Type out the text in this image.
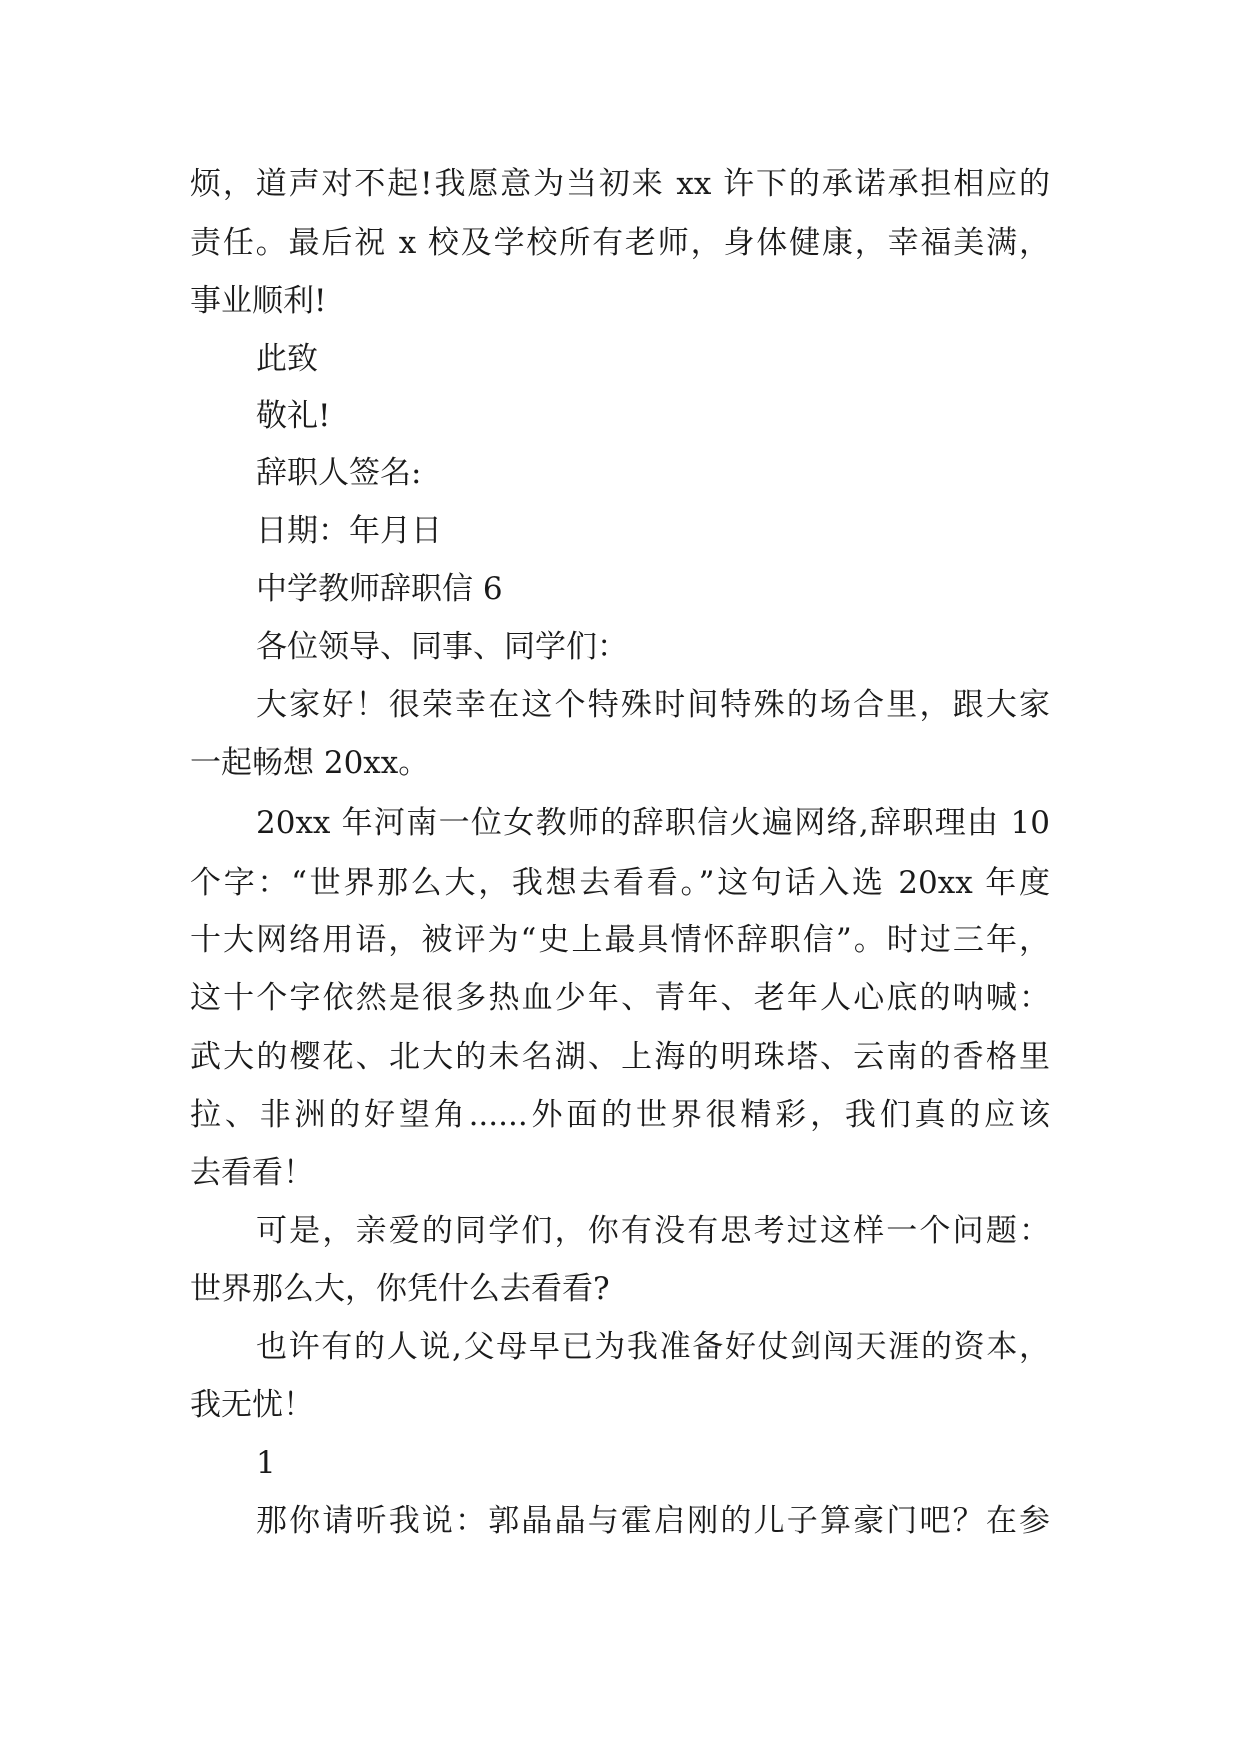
烦，道声对不起!我愿意为当初来 xx 许下的承诺承担相应的
责任。最后祝 x 校及学校所有老师，身体健康，幸福美满，
事业顺利!
此致
敬礼!
辞职人签名:
日期：年月日
中学教师辞职信 6
各位领导、同事、同学们：
大家好！很荣幸在这个特殊时间特殊的场合里，跟大家
一起畅想 20xx。
20xx 年河南一位女教师的辞职信火遍网络,辞职理由 10
个字：“世界那么大，我想去看看。”这句话入选 20xx 年度
十大网络用语，被评为“史上最具情怀辞职信”。时过三年，
这十个字依然是很多热血少年、青年、老年人心底的呐喊：
武大的樱花、北大的未名湖、上海的明珠塔、云南的香格里
拉、非洲的好望角......外面的世界很精彩，我们真的应该
去看看！
可是，亲爱的同学们，你有没有思考过这样一个问题：
世界那么大，你凭什么去看看?
也许有的人说,父母早已为我准备好仗剑闯天涯的资本，
我无忧！
1
那你请听我说：郭晶晶与霍启刚的儿子算豪门吧？在参
